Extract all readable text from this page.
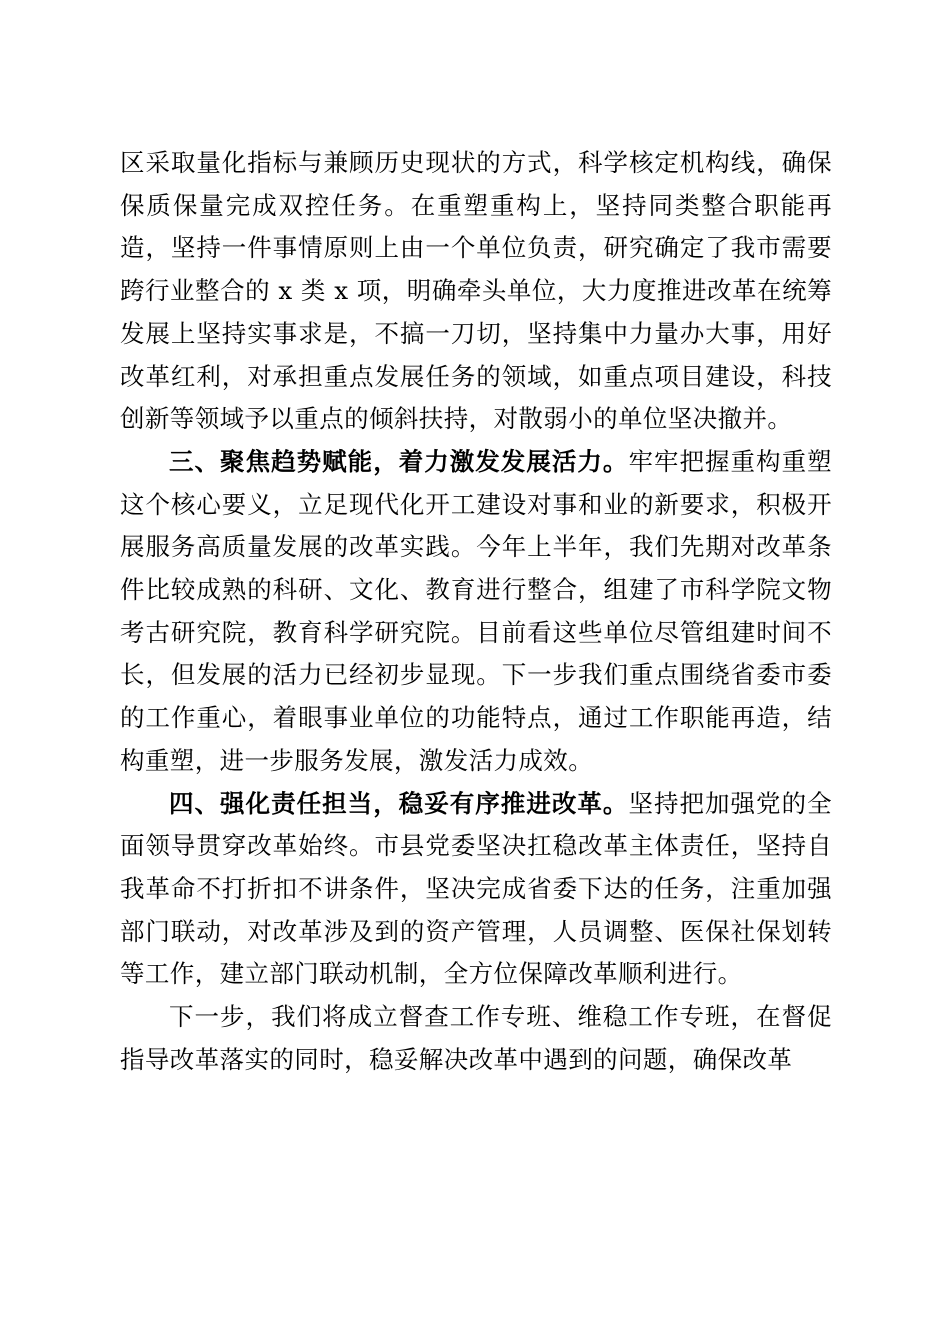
区采取量化指标与兼顾历史现状的方式，科学核定机构线，确保保质保量完成双控任务。在重塑重构上，坚持同类整合职能再造，坚持一件事情原则上由一个单位负责，研究确定了我市需要跨行业整合的 x 类 x 项，明确牵头单位，大力度推进改革在统筹发展上坚持实事求是，不搞一刀切，坚持集中力量办大事，用好改革红利，对承担重点发展任务的领域，如重点项目建设，科技创新等领域予以重点的倾斜扶持，对散弱小的单位坚决撤并。

三、聚焦趋势赋能，着力激发发展活力。牢牢把握重构重塑这个核心要义，立足现代化开工建设对事和业的新要求，积极开展服务高质量发展的改革实践。今年上半年，我们先期对改革条件比较成熟的科研、文化、教育进行整合，组建了市科学院文物考古研究院，教育科学研究院。目前看这些单位尽管组建时间不长，但发展的活力已经初步显现。下一步我们重点围绕省委市委的工作重心，着眼事业单位的功能特点，通过工作职能再造，结构重塑，进一步服务发展，激发活力成效。

四、强化责任担当，稳妥有序推进改革。坚持把加强党的全面领导贯穿改革始终。市县党委坚决扛稳改革主体责任，坚持自我革命不打折扣不讲条件，坚决完成省委下达的任务，注重加强部门联动，对改革涉及到的资产管理，人员调整、医保社保划转等工作，建立部门联动机制，全方位保障改革顺利进行。

下一步，我们将成立督查工作专班、维稳工作专班，在督促指导改革落实的同时，稳妥解决改革中遇到的问题，确保改革
